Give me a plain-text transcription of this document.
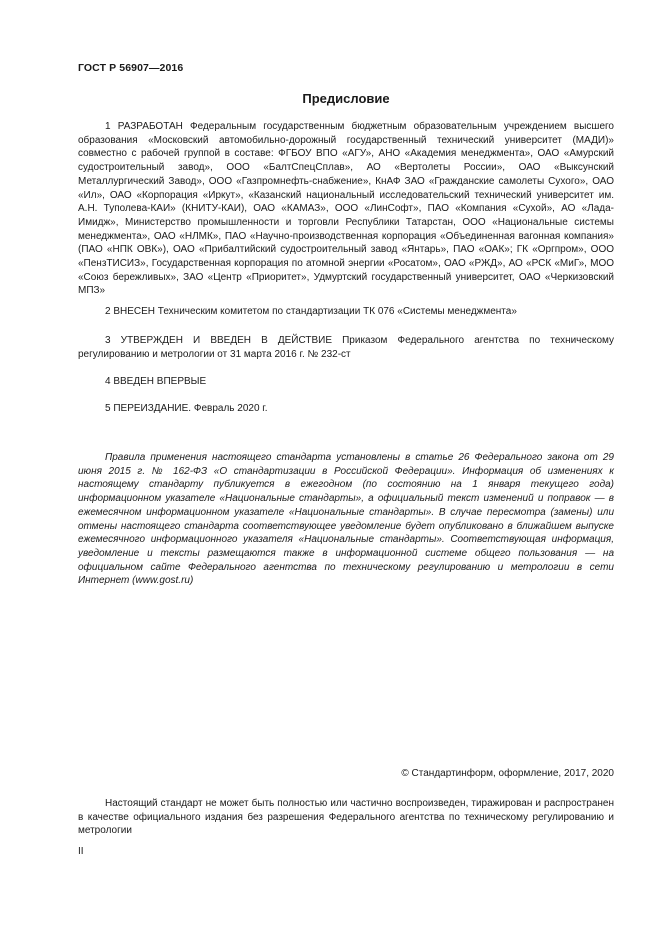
ГОСТ Р 56907—2016
Предисловие
1 РАЗРАБОТАН Федеральным государственным бюджетным образовательным учреждением высшего образования «Московский автомобильно-дорожный государственный технический университет (МАДИ)» совместно с рабочей группой в составе: ФГБОУ ВПО «АГУ», АНО «Академия менеджмента», ОАО «Амурский судостроительный завод», ООО «БалтСпецСплав», АО «Вертолеты России», ОАО «Выксунский Металлургический Завод», ООО «Газпромнефть-снабжение», КнАФ ЗАО «Гражданские самолеты Сухого», ОАО «Ил», ОАО «Корпорация «Иркут», «Казанский национальный исследовательский технический университет им. А.Н. Туполева-КАИ» (КНИТУ-КАИ), ОАО «КАМАЗ», ООО «ЛинСофт», ПАО «Компания «Сухой», АО «Лада-Имидж», Министерство промышленности и торговли Республики Татарстан, ООО «Национальные системы менеджмента», ОАО «НЛМК», ПАО «Научно-производственная корпорация «Объединенная вагонная компания» (ПАО «НПК ОВК»), ОАО «Прибалтийский судостроительный завод «Янтарь», ПАО «ОАК»; ГК «Оргпром», ООО «ПензТИСИЗ», Государственная корпорация по атомной энергии «Росатом», ОАО «РЖД», АО «РСК «МиГ», МОО «Союз бережливых», ЗАО «Центр «Приоритет», Удмуртский государственный университет, ОАО «Черкизовский МПЗ»
2 ВНЕСЕН Техническим комитетом по стандартизации ТК 076 «Системы менеджмента»
3 УТВЕРЖДЕН И ВВЕДЕН В ДЕЙСТВИЕ Приказом Федерального агентства по техническому регулированию и метрологии от 31 марта 2016 г. № 232-ст
4 ВВЕДЕН ВПЕРВЫЕ
5 ПЕРЕИЗДАНИЕ. Февраль 2020 г.
Правила применения настоящего стандарта установлены в статье 26 Федерального закона от 29 июня 2015 г. № 162-ФЗ «О стандартизации в Российской Федерации». Информация об изменениях к настоящему стандарту публикуется в ежегодном (по состоянию на 1 января текущего года) информационном указателе «Национальные стандарты», а официальный текст изменений и поправок — в ежемесячном информационном указателе «Национальные стандарты». В случае пересмотра (замены) или отмены настоящего стандарта соответствующее уведомление будет опубликовано в ближайшем выпуске ежемесячного информационного указателя «Национальные стандарты». Соответствующая информация, уведомление и тексты размещаются также в информационной системе общего пользования — на официальном сайте Федерального агентства по техническому регулированию и метрологии в сети Интернет (www.gost.ru)
© Стандартинформ, оформление, 2017, 2020
Настоящий стандарт не может быть полностью или частично воспроизведен, тиражирован и распространен в качестве официального издания без разрешения Федерального агентства по техническому регулированию и метрологии
II
